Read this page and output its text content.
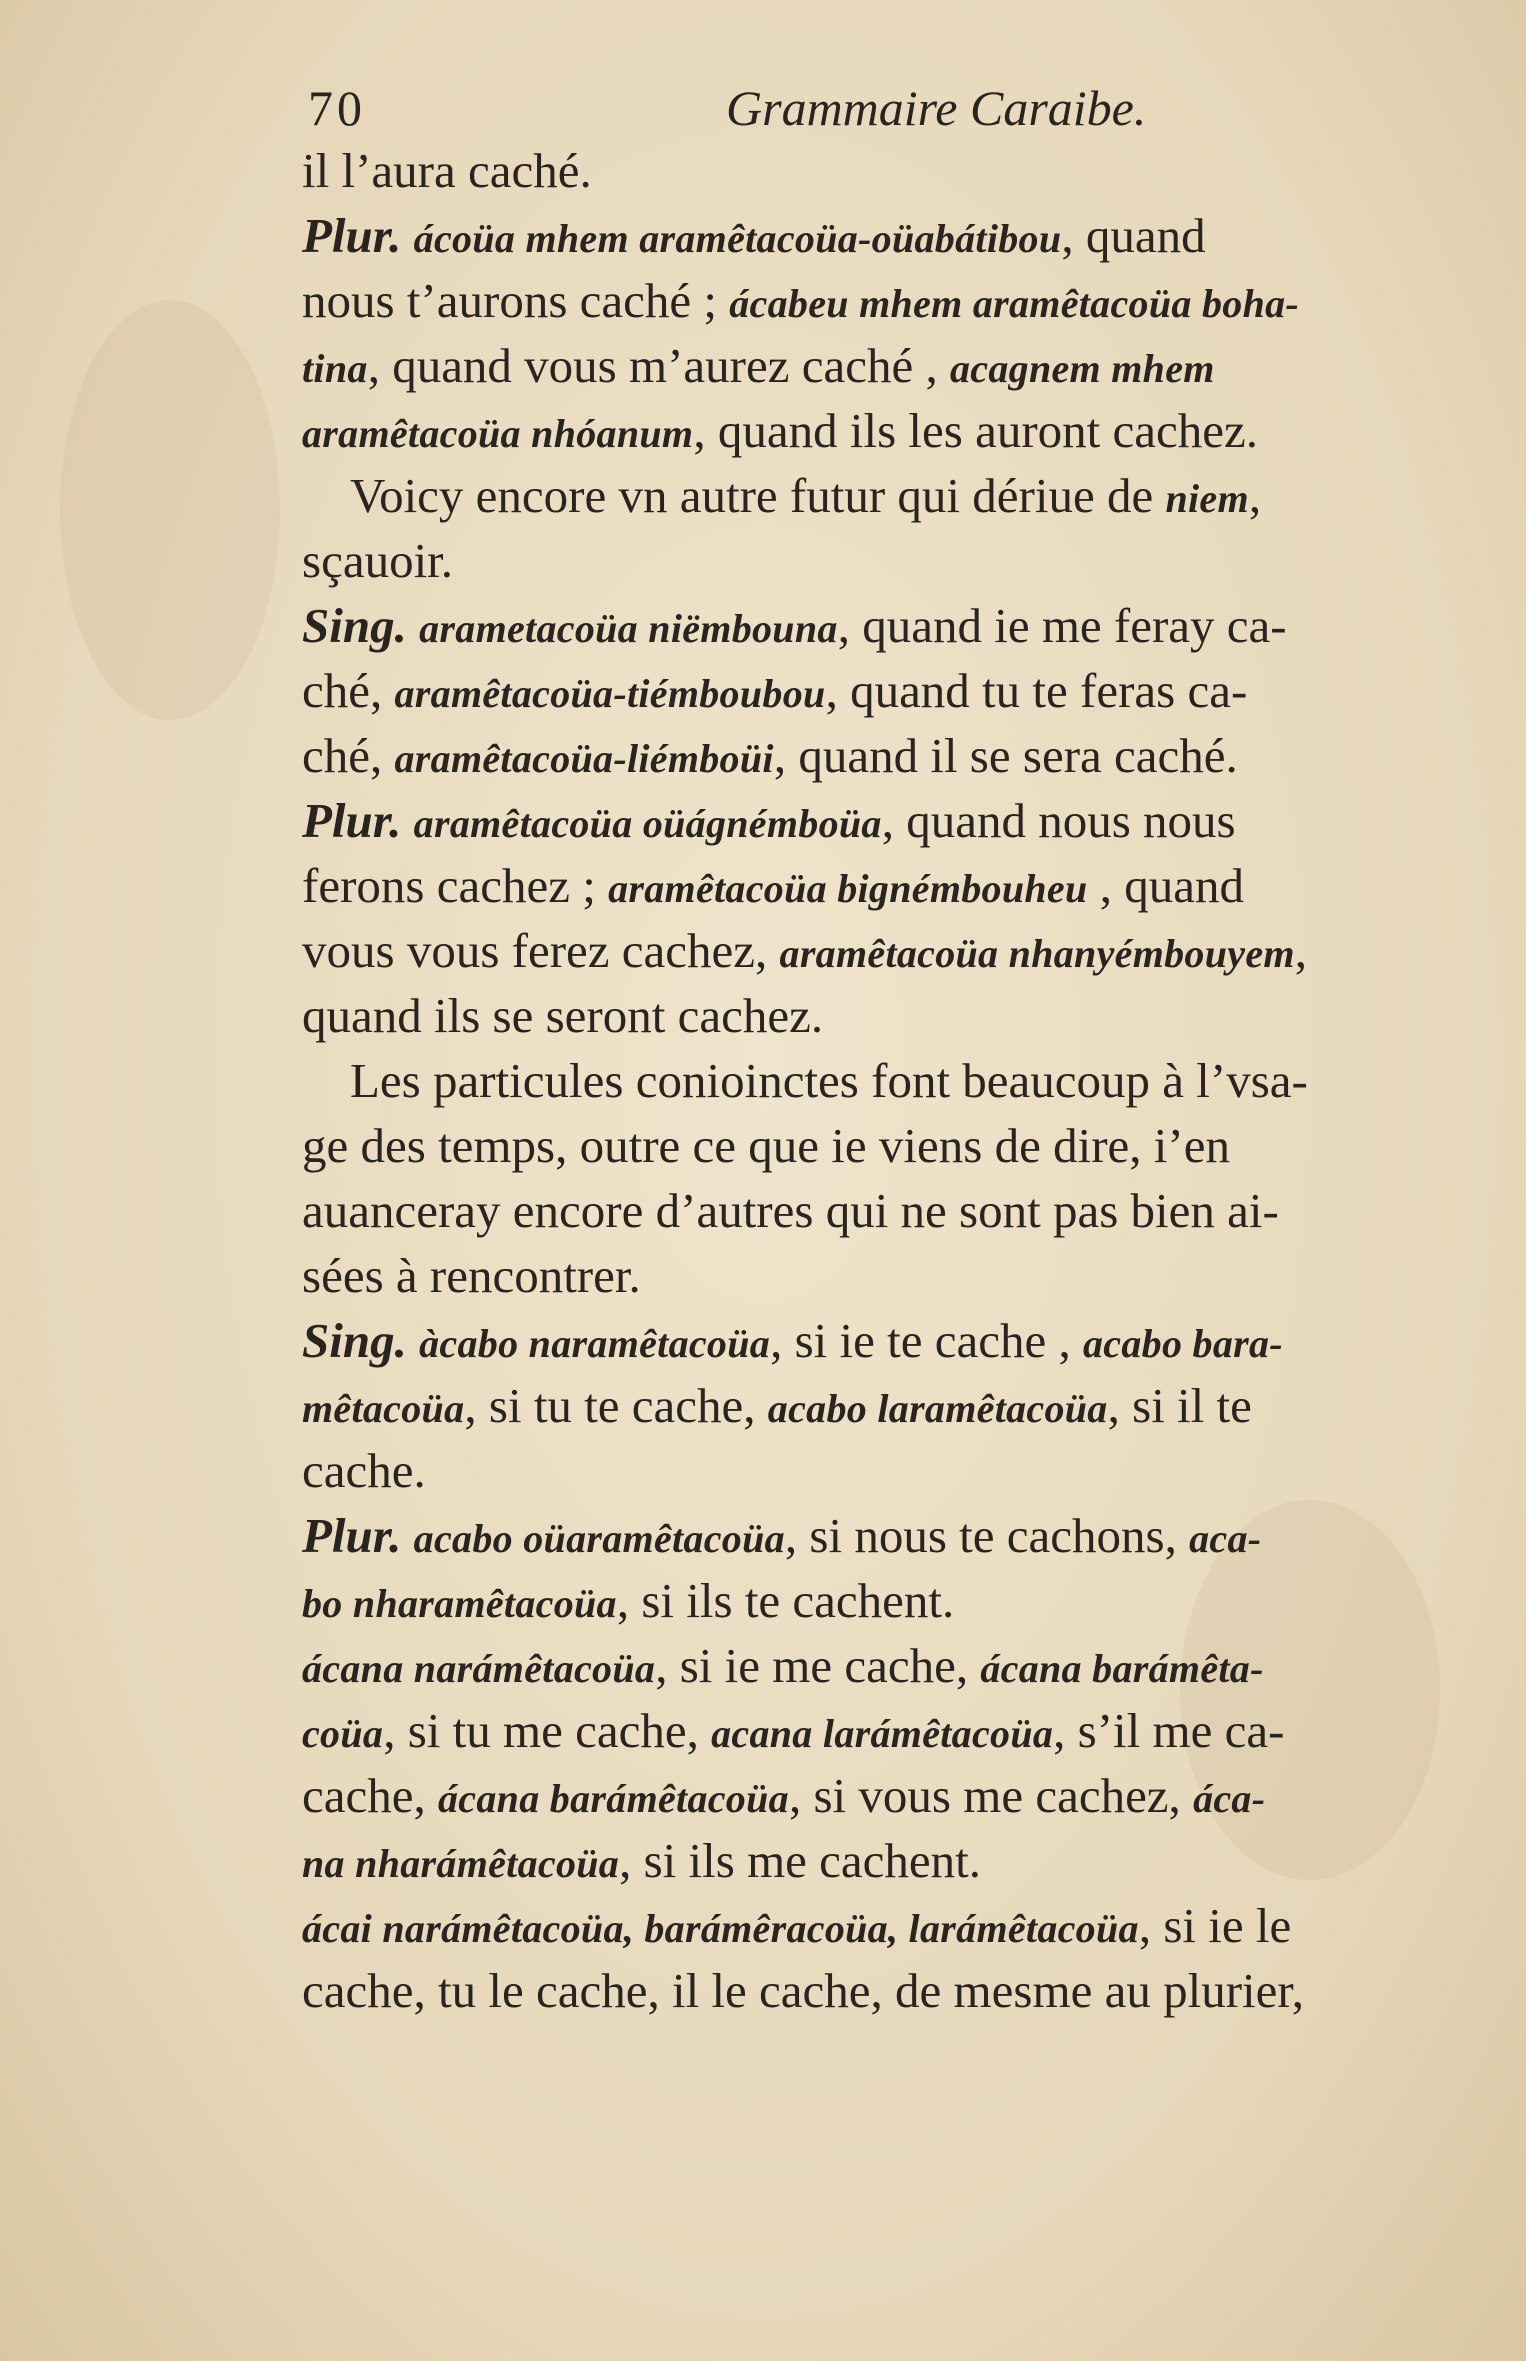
70	Grammaire Caraibe.
il l’aura caché.
Plur. ácoüa mhem aramêtacoüa-oüabátibou, quand
nous t’aurons caché ; ácabeu mhem aramêtacoüa boha-
tina, quand vous m’aurez caché , acagnem mhem
aramêtacoüa nhóanum, quand ils les auront cachez.
Voicy encore vn autre futur qui dériue de niem,
sçauoir.
Sing. arametacoüa niëmbouna, quand ie me feray ca-
ché, aramêtacoüa-tiémboubou, quand tu te feras ca-
ché, aramêtacoüa-liémboüi, quand il se sera caché.
Plur. aramêtacoüa oüágnémboüa, quand nous nous
ferons cachez ; aramêtacoüa bignémbouheu , quand
vous vous ferez cachez, aramêtacoüa nhanyémbouyem,
quand ils se seront cachez.
Les particules conioinctes font beaucoup à l’vsa-
ge des temps, outre ce que ie viens de dire, i’en
auanceray encore d’autres qui ne sont pas bien ai-
sées à rencontrer.
Sing. àcabo naramêtacoüa, si ie te cache , acabo bara-
mêtacoüa, si tu te cache, acabo laramêtacoüa, si il te
cache.
Plur. acabo oüaramêtacoüa, si nous te cachons, aca-
bo nharamêtacoüa, si ils te cachent.
ácana narámêtacoüa, si ie me cache, ácana barámêta-
coüa, si tu me cache, acana larámêtacoüa, s’il me ca-
cache, ácana barámêtacoüa, si vous me cachez, áca-
na nharámêtacoüa, si ils me cachent.
ácai narámêtacoüa, barámêracoüa, larámêtacoüa, si ie le
cache, tu le cache, il le cache, de mesme au plurier,
